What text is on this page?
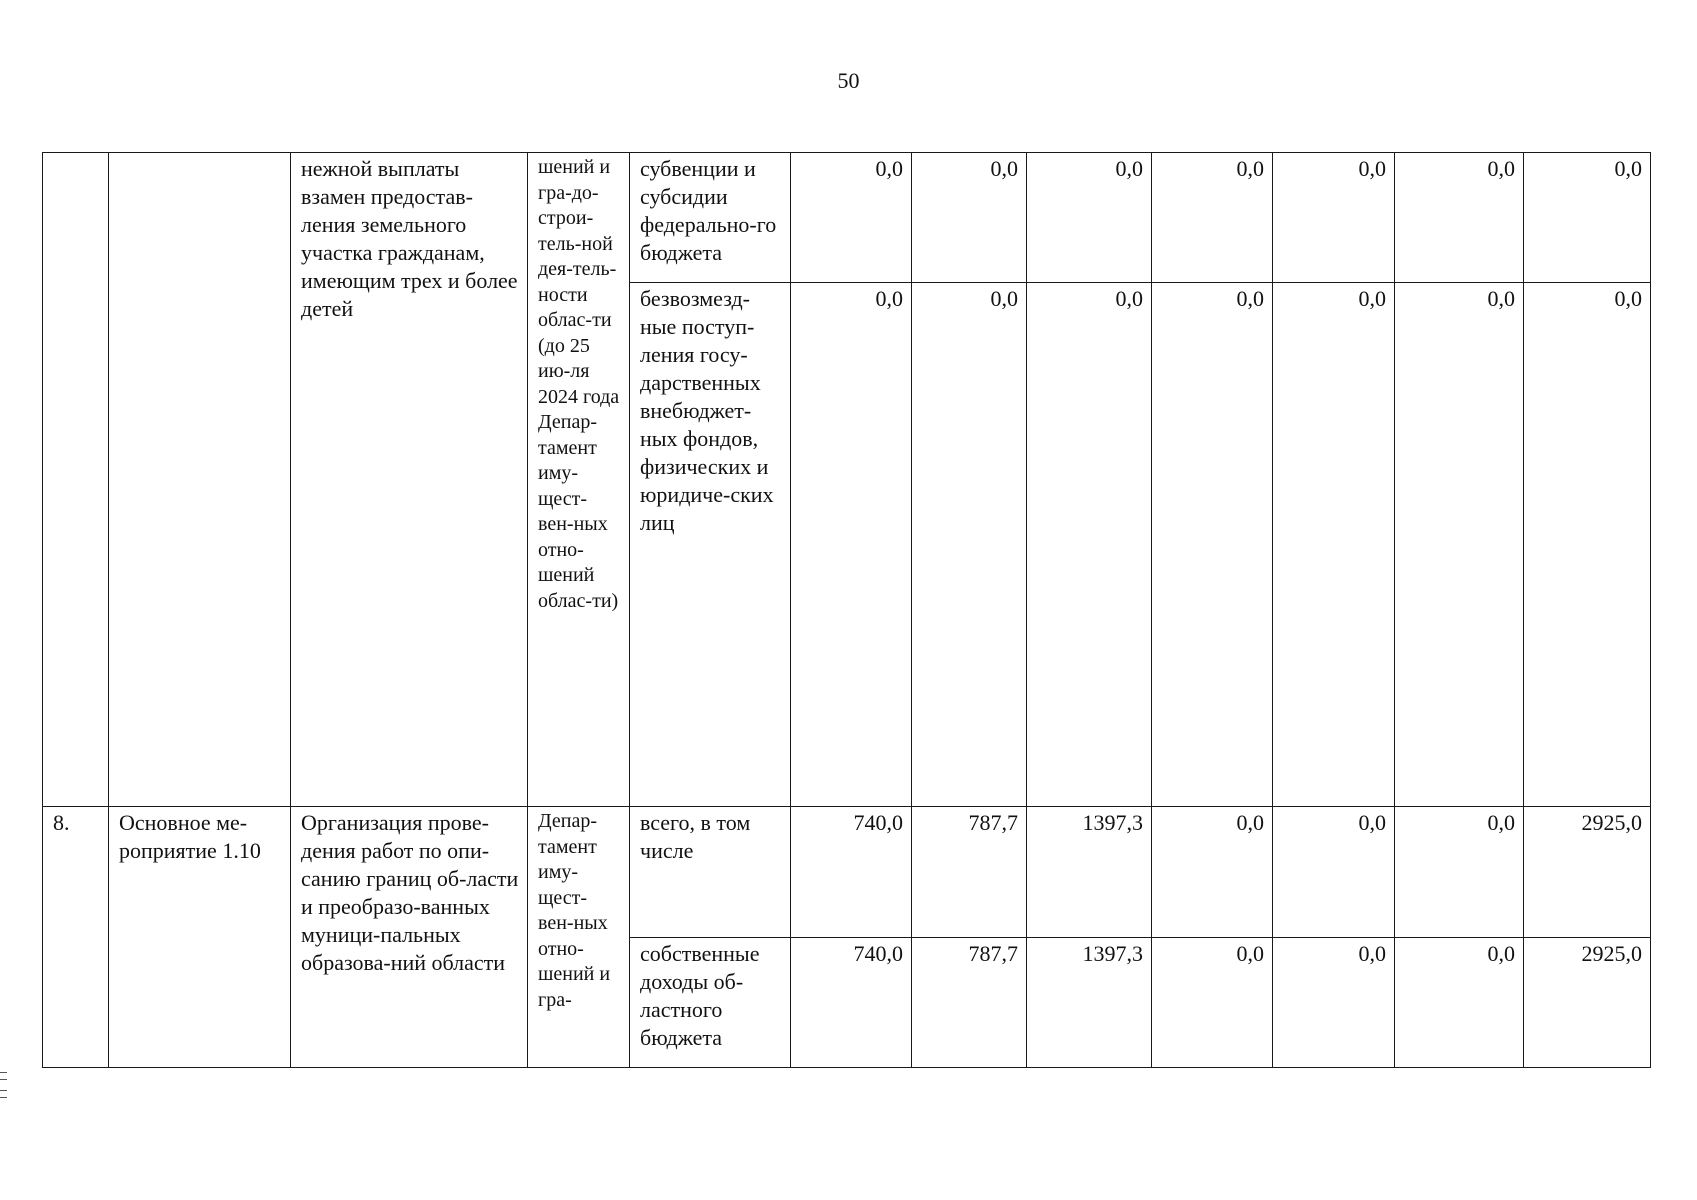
50
		нежной выплаты взамен предостав-ления земельного участка гражданам, имеющим трех и более детей	шений и гра-до-строи-тель-ной дея-тель-ности облас-ти (до 25 ию-ля 2024 года Депар-тамент иму-щест-вен-ных отно-шений облас-ти)	субвенции и субсидии федерально-го бюджета	0,0	0,0	0,0	0,0	0,0	0,0	0,0
				безвозмезд-ные поступ-ления госу-дарственных внебюджет-ных фондов, физических и юридиче-ских лиц	0,0	0,0	0,0	0,0	0,0	0,0	0,0
8.	Основное ме-роприятие 1.10	Организация прове-дения работ по опи-санию границ об-ласти и преобразо-ванных муници-пальных образова-ний области	Депар-тамент иму-щест-вен-ных отно-шений и гра-	всего, в том числе	740,0	787,7	1397,3	0,0	0,0	0,0	2925,0
				собственные доходы об-ластного бюджета	740,0	787,7	1397,3	0,0	0,0	0,0	2925,0
